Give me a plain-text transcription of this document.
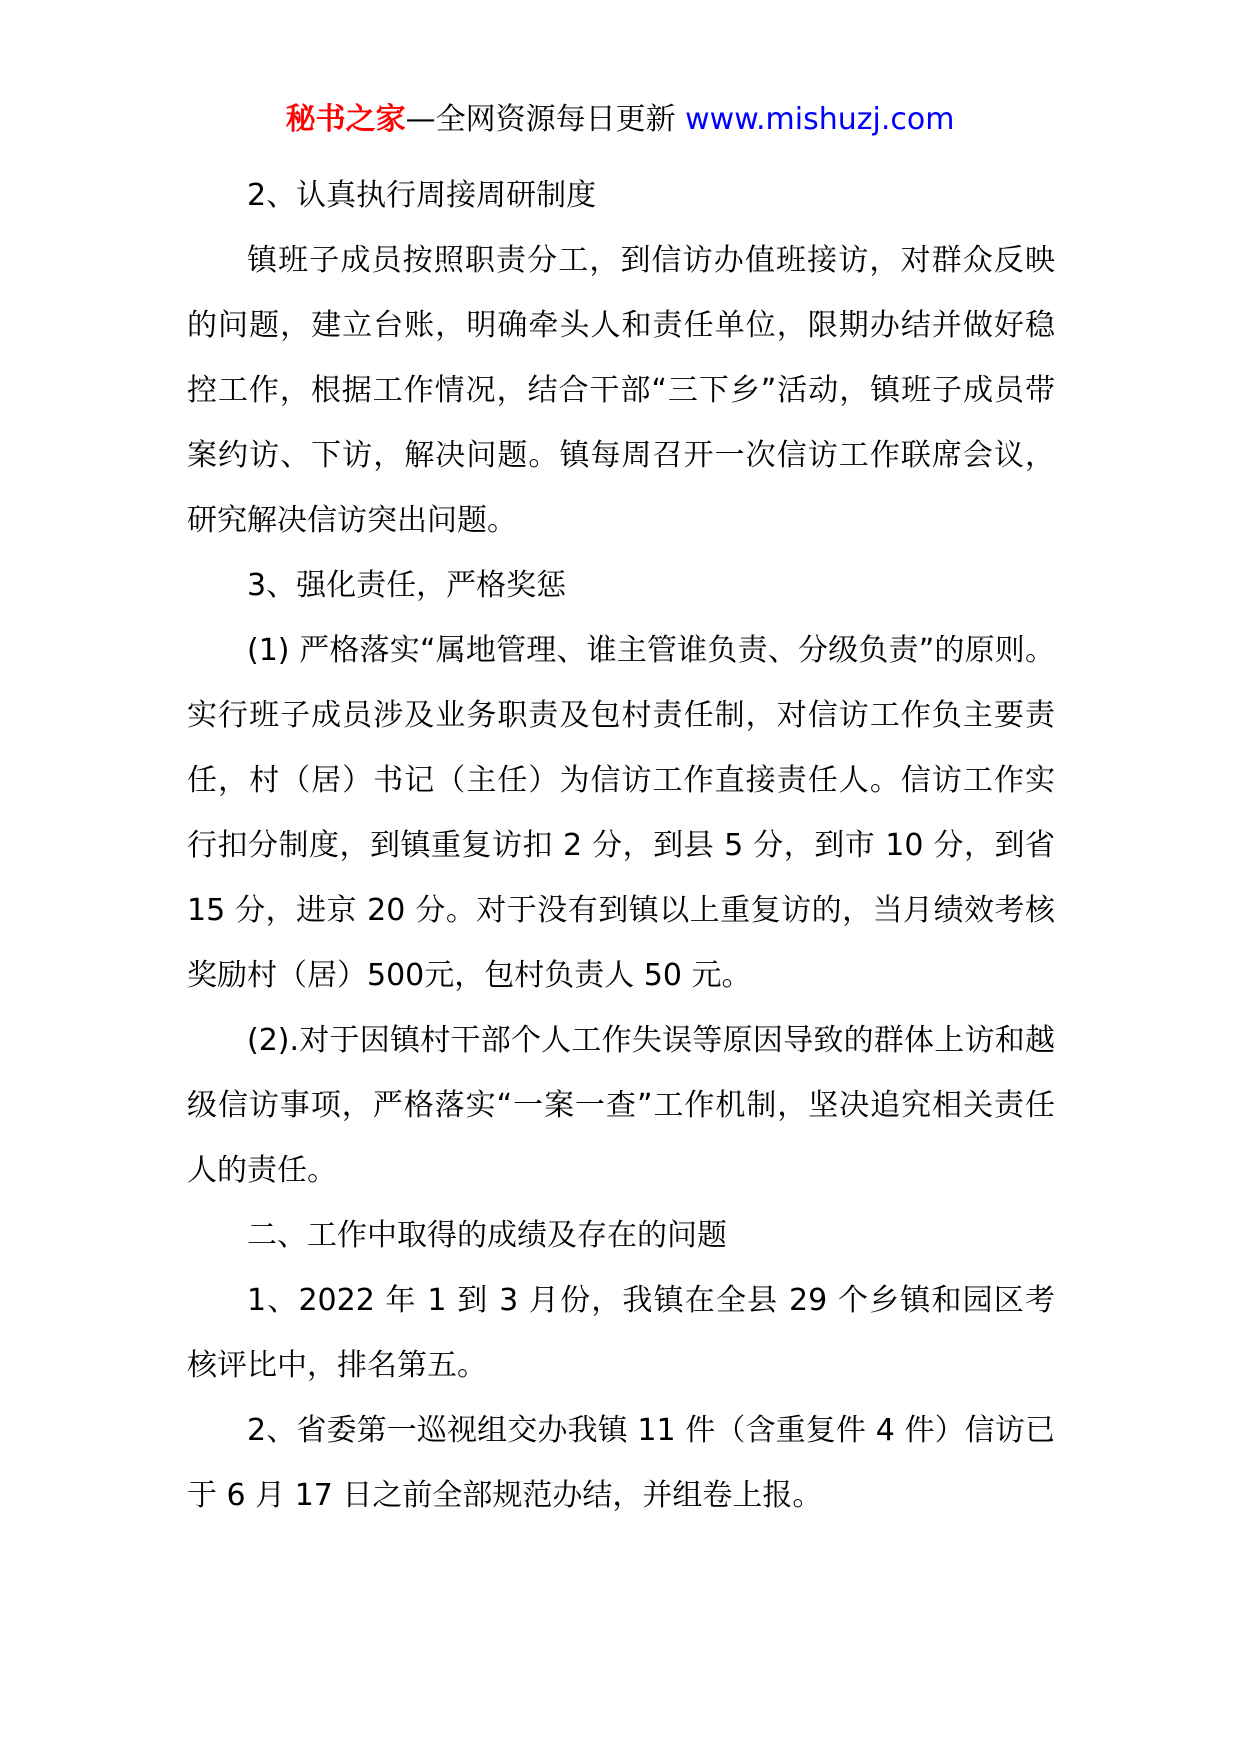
秘书之家—全网资源每日更新 www.mishuzj.com

2、认真执行周接周研制度

镇班子成员按照职责分工，到信访办值班接访，对群众反映的问题，建立台账，明确牵头人和责任单位，限期办结并做好稳控工作，根据工作情况，结合干部“三下乡”活动，镇班子成员带案约访、下访，解决问题。镇每周召开一次信访工作联席会议，研究解决信访突出问题。

3、强化责任，严格奖惩

(1) 严格落实“属地管理、谁主管谁负责、分级负责”的原则。实行班子成员涉及业务职责及包村责任制，对信访工作负主要责任，村（居）书记（主任）为信访工作直接责任人。信访工作实行扣分制度，到镇重复访扣 2 分，到县 5 分，到市 10 分，到省 15 分，进京 20 分。对于没有到镇以上重复访的，当月绩效考核奖励村（居）500元，包村负责人 50 元。

(2).对于因镇村干部个人工作失误等原因导致的群体上访和越级信访事项，严格落实“一案一查”工作机制，坚决追究相关责任人的责任。

二、工作中取得的成绩及存在的问题

1、2022 年 1 到 3 月份，我镇在全县 29 个乡镇和园区考核评比中，排名第五。

2、省委第一巡视组交办我镇 11 件（含重复件 4 件）信访已于 6 月 17 日之前全部规范办结，并组卷上报。
